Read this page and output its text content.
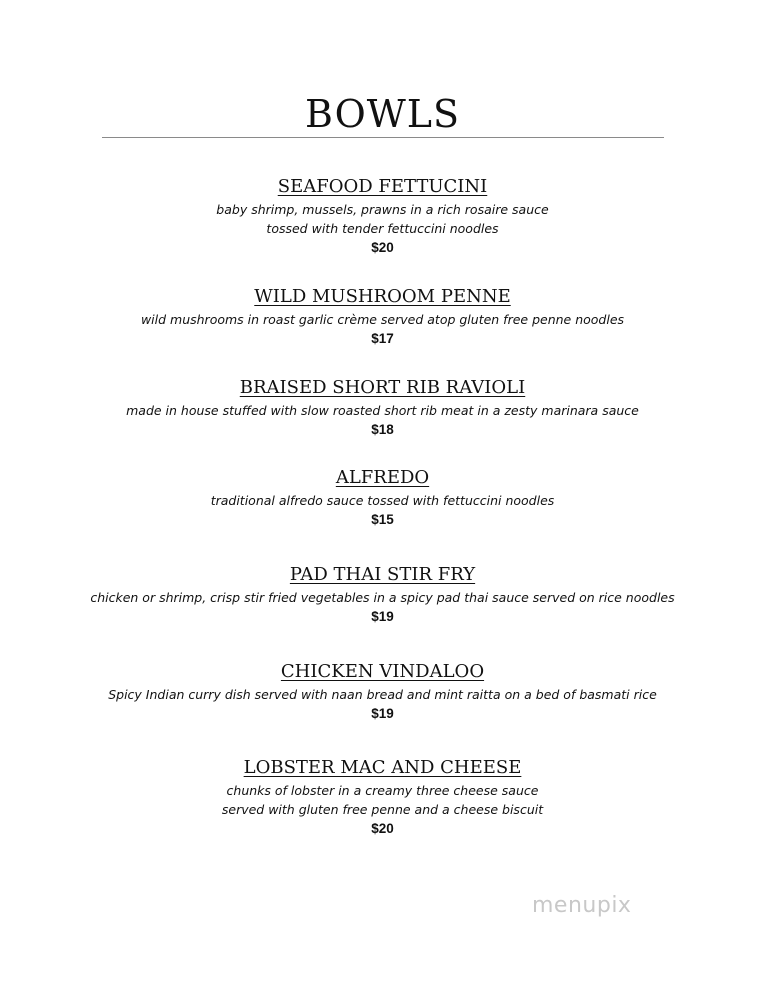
BOWLS
SEAFOOD FETTUCINI
baby shrimp, mussels, prawns in a rich rosaire sauce
tossed with tender fettuccini noodles
$20
WILD MUSHROOM PENNE
wild mushrooms in roast garlic crème served atop gluten free penne noodles
$17
BRAISED SHORT RIB RAVIOLI
made in house stuffed with slow roasted short rib meat in a zesty marinara sauce
$18
ALFREDO
traditional alfredo sauce tossed with fettuccini noodles
$15
PAD THAI STIR FRY
chicken or shrimp, crisp stir fried vegetables in a spicy pad thai sauce served on rice noodles
$19
CHICKEN VINDALOO
Spicy Indian curry dish served with naan bread and mint raitta on a bed of basmati rice
$19
LOBSTER MAC AND CHEESE
chunks of lobster in a creamy three cheese sauce
served with gluten free penne and a cheese biscuit
$20
menupix
